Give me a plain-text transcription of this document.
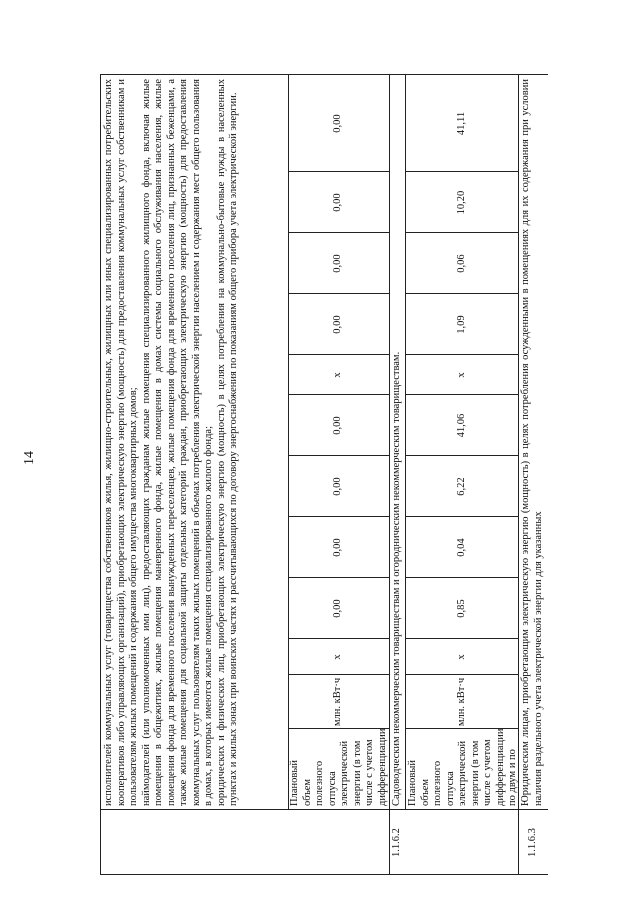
14	исполнителей коммунальных услуг (товарищества собственников жилья, жилищно-строительных, жилищных или иных специализированных потребительских кооперативов либо управляющих организаций), приобретающих электрическую энергию (мощность) для предоставления коммунальных услуг собственникам и пользователям жилых помещений и содержания общего имущества многоквартирных домов; наймодателей (или уполномоченных ими лиц), предоставляющих гражданам жилые помещения специализированного жилищного фонда, включая жилые помещения в общежитиях, жилые помещения маневренного фонда, жилые помещения в домах системы социального обслуживания населения, жилые помещения фонда для временного поселения вынужденных переселенцев, жилые помещения фонда для временного поселения лиц, признанных беженцами, а также жилые помещения для социальной защиты отдельных категорий граждан, приобретающих электрическую энергию (мощность) для предоставления коммунальных услуг пользователям таких жилых помещений в объемах потребления электрической энергии населением и содержания мест общего пользования в домах, в которых имеются жилые помещения специализированного жилого фонда; юридических и физических лиц, приобретающих электрическую энергию (мощность) в целях потребления на коммунально-бытовые нужды в населенных пунктах и жилых зонах при воинских частях и рассчитывающихся по договору энергоснабжения по показаниям общего прибора учета электрической энергии.	Плановый объем полезного отпуска электрической энергии (в том числе с учетом дифференциации
млн. кВт·ч
x
0,00
0,00
0,00
0,00
x
0,00
0,00
0,00
0,00
1.1.6.2
Садоводческим некоммерческим товариществам и огородническим некоммерческим товариществам. Плановый объем полезного отпуска электрической энергии (в том числе с учетом дифференциации по двум и по
млн. кВт·ч
x
0,85
0,04
6,22
41,06
x
1,09
0,06
10,20
41,11
1.1.6.3
Юридическим лицам, приобретающим электрическую энергию (мощность) в целях потребления осужденными в помещениях для их содержания при условии наличия раздельного учета электрической энергии для указанных
